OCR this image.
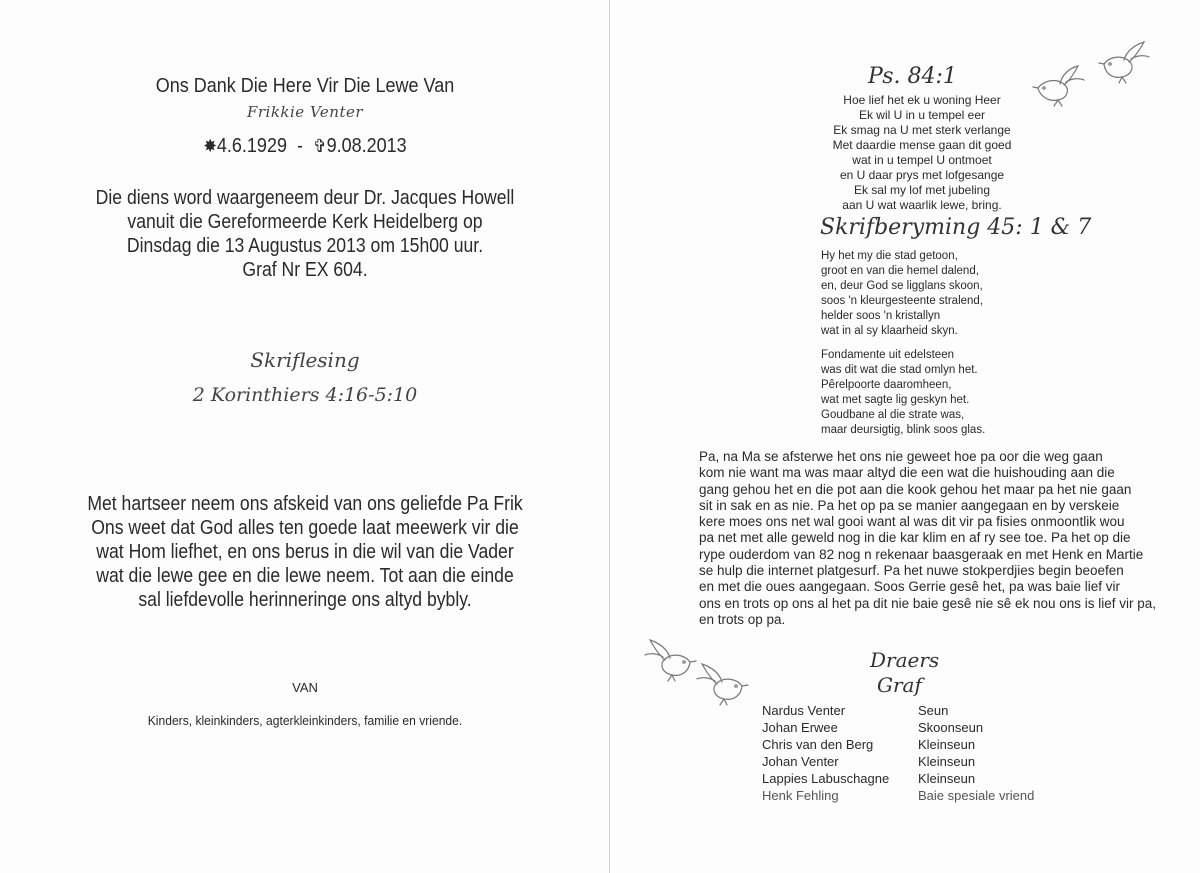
Ons Dank Die Here Vir Die Lewe Van
Frikkie Venter
✸4.6.1929 - ✞9.08.2013
Die diens word waargeneem deur Dr. Jacques Howell
vanuit die Gereformeerde Kerk Heidelberg op
Dinsdag die 13 Augustus 2013 om 15h00 uur.
Graf Nr EX 604.
Skriflesing
2 Korinthiers 4:16-5:10
Met hartseer neem ons afskeid van ons geliefde Pa Frik
Ons weet dat God alles ten goede laat meewerk vir die
wat Hom liefhet, en ons berus in die wil van die Vader
wat die lewe gee en die lewe neem. Tot aan die einde
sal liefdevolle herinneringe ons altyd bybly.
VAN
Kinders, kleinkinders, agterkleinkinders, familie en vriende.
Ps. 84:1
Hoe lief het ek u woning Heer
Ek wil U in u tempel eer
Ek smag na U met sterk verlange
Met daardie mense gaan dit goed
wat in u tempel U ontmoet
en U daar prys met lofgesange
Ek sal my lof met jubeling
aan U wat waarlik lewe, bring.
Skrifberyming 45: 1 & 7
Hy het my die stad getoon,
groot en van die hemel dalend,
en, deur God se ligglans skoon,
soos 'n kleurgesteente stralend,
helder soos 'n kristallyn
wat in al sy klaarheid skyn.
Fondamente uit edelsteen
was dit wat die stad omlyn het.
Pêrelpoorte daaromheen,
wat met sagte lig geskyn het.
Goudbane al die strate was,
maar deursigtig, blink soos glas.
Pa, na Ma se afsterwe het ons nie geweet hoe pa oor die weg gaan
kom nie want ma was maar altyd die een wat die huishouding aan die
gang gehou het en die pot aan die kook gehou het maar pa het nie gaan
sit in sak en as nie. Pa het op pa se manier aangegaan en by verskeie
kere moes ons net wal gooi want al was dit vir pa fisies onmoontlik wou
pa net met alle geweld nog in die kar klim en af ry see toe. Pa het op die
rype ouderdom van 82 nog n rekenaar baasgeraak en met Henk en Martie
se hulp die internet platgesurf. Pa het nuwe stokperdjies begin beoefen
en met die oues aangegaan. Soos Gerrie gesê het, pa was baie lief vir
ons en trots op ons al het pa dit nie baie gesê nie sê ek nou ons is lief vir pa,
en trots op pa.
Draers
Graf
Nardus Venter
Johan Erwee
Chris van den Berg
Johan Venter
Lappies Labuschagne
Henk Fehling
Seun
Skoonseun
Kleinseun
Kleinseun
Kleinseun
Baie spesiale vriend
